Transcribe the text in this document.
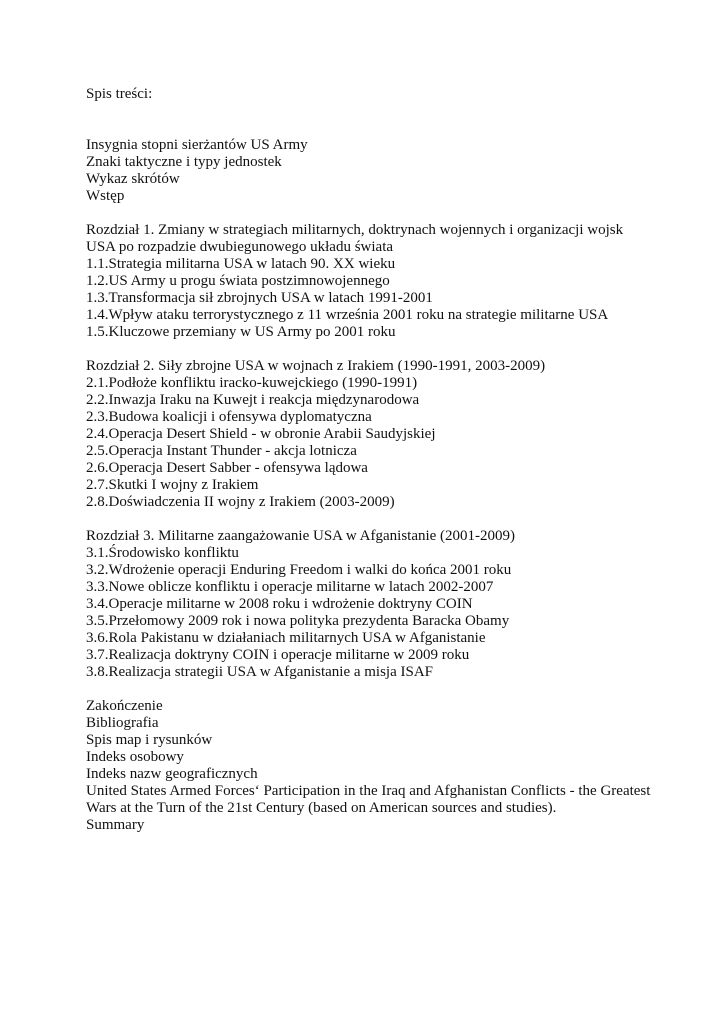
Spis treści:
Insygnia stopni sierżantów US Army
Znaki taktyczne i typy jednostek
Wykaz skrótów
Wstęp
Rozdział 1. Zmiany w strategiach militarnych, doktrynach wojennych i organizacji wojsk
USA po rozpadzie dwubiegunowego układu świata
1.1.Strategia militarna USA w latach 90. XX wieku
1.2.US Army u progu świata postzimnowojennego
1.3.Transformacja sił zbrojnych USA w latach 1991-2001
1.4.Wpływ ataku terrorystycznego z 11 września 2001 roku na strategie militarne USA
1.5.Kluczowe przemiany w US Army po 2001 roku
Rozdział 2. Siły zbrojne USA w wojnach z Irakiem (1990-1991, 2003-2009)
2.1.Podłoże konfliktu iracko-kuwejckiego (1990-1991)
2.2.Inwazja Iraku na Kuwejt i reakcja międzynarodowa
2.3.Budowa koalicji i ofensywa dyplomatyczna
2.4.Operacja Desert Shield - w obronie Arabii Saudyjskiej
2.5.Operacja Instant Thunder - akcja lotnicza
2.6.Operacja Desert Sabber - ofensywa lądowa
2.7.Skutki I wojny z Irakiem
2.8.Doświadczenia II wojny z Irakiem (2003-2009)
Rozdział 3. Militarne zaangażowanie USA w Afganistanie (2001-2009)
3.1.Środowisko konfliktu
3.2.Wdrożenie operacji Enduring Freedom i walki do końca 2001 roku
3.3.Nowe oblicze konfliktu i operacje militarne w latach 2002-2007
3.4.Operacje militarne w 2008 roku i wdrożenie doktryny COIN
3.5.Przełomowy 2009 rok i nowa polityka prezydenta Baracka Obamy
3.6.Rola Pakistanu w działaniach militarnych USA w Afganistanie
3.7.Realizacja doktryny COIN i operacje militarne w 2009 roku
3.8.Realizacja strategii USA w Afganistanie a misja ISAF
Zakończenie
Bibliografia
Spis map i rysunków
Indeks osobowy
Indeks nazw geograficznych
United States Armed Forces‘ Participation in the Iraq and Afghanistan Conflicts - the Greatest
Wars at the Turn of the 21st Century (based on American sources and studies).
Summary
